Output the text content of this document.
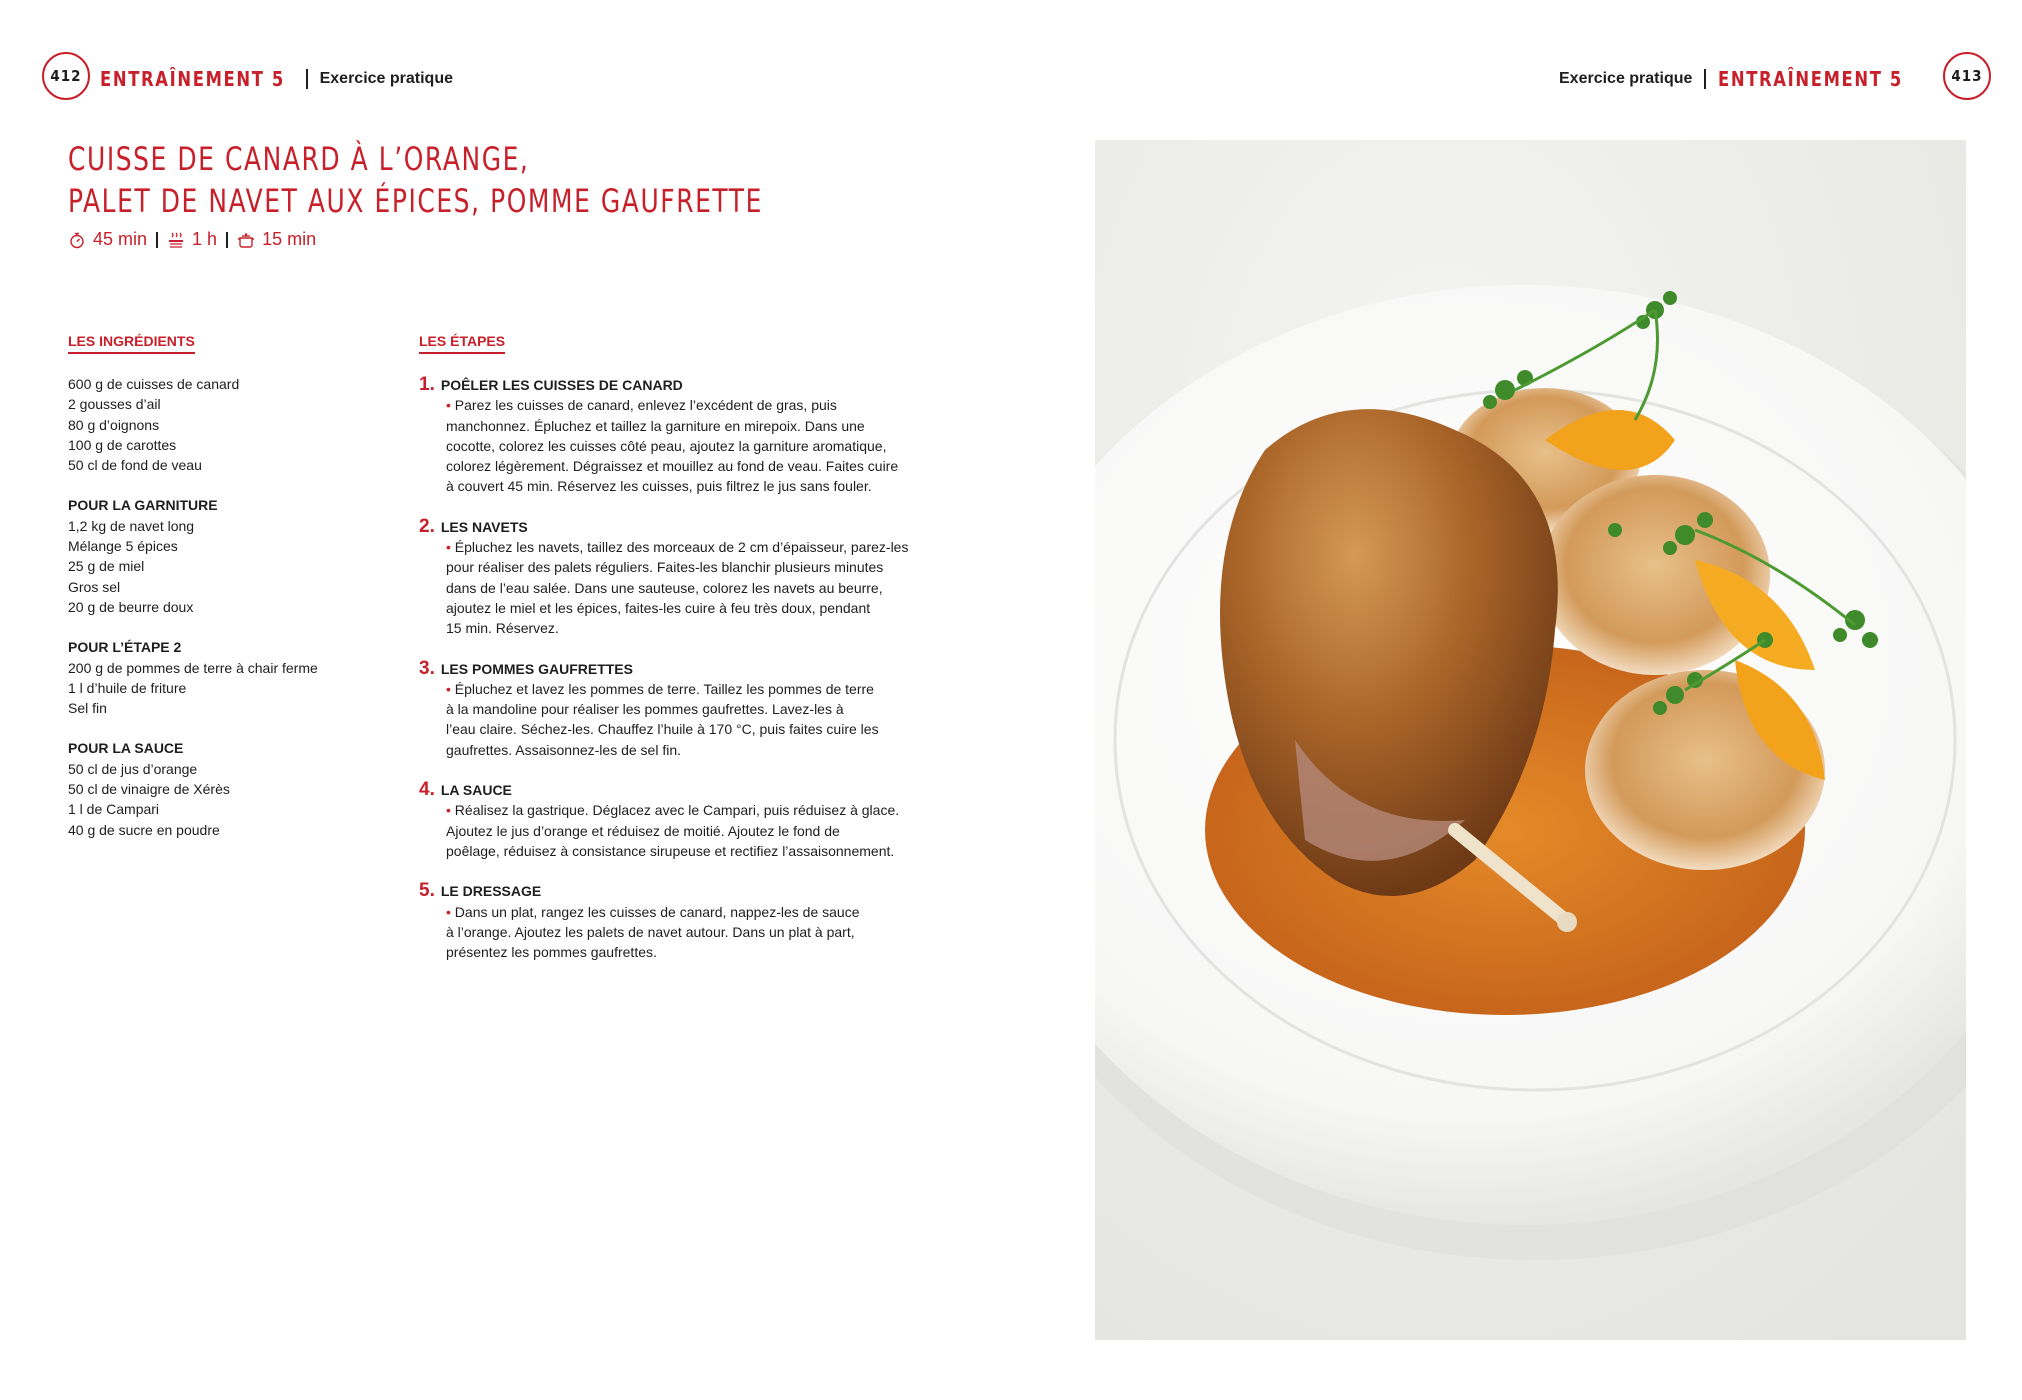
412 ENTRAÎNEMENT 5 Exercice pratique	Exercice pratique ENTRAÎNEMENT 5	413
CUISSE DE CANARD À L’ORANGE,
PALET DE NAVET AUX ÉPICES, POMME GAUFRETTE
45 min	1 h	15 min
LES INGRÉDIENTS
600 g de cuisses de canard
2 gousses d’ail
80 g d’oignons
100 g de carottes
50 cl de fond de veau
POUR LA GARNITURE
1,2 kg de navet long
Mélange 5 épices
25 g de miel
Gros sel
20 g de beurre doux
POUR L’ÉTAPE 2
200 g de pommes de terre à chair ferme
1 l d’huile de friture
Sel fin
POUR LA SAUCE
50 cl de jus d’orange
50 cl de vinaigre de Xérès
1 l de Campari
40 g de sucre en poudre
LES ÉTAPES
1. POÊLER LES CUISSES DE CANARD
• Parez les cuisses de canard, enlevez l’excédent de gras, puis
manchonnez. Épluchez et taillez la garniture en mirepoix. Dans une
cocotte, colorez les cuisses côté peau, ajoutez la garniture aromatique,
colorez légèrement. Dégraissez et mouillez au fond de veau. Faites cuire
à couvert 45 min. Réservez les cuisses, puis filtrez le jus sans fouler.
2. LES NAVETS
• Épluchez les navets, taillez des morceaux de 2 cm d’épaisseur, parez-les
pour réaliser des palets réguliers. Faites-les blanchir plusieurs minutes
dans de l’eau salée. Dans une sauteuse, colorez les navets au beurre,
ajoutez le miel et les épices, faites-les cuire à feu très doux, pendant
15 min. Réservez.
3. LES POMMES GAUFRETTES
• Épluchez et lavez les pommes de terre. Taillez les pommes de terre
à la mandoline pour réaliser les pommes gaufrettes. Lavez-les à
l’eau claire. Séchez-les. Chauffez l’huile à 170 °C, puis faites cuire les
gaufrettes. Assaisonnez-les de sel fin.
4. LA SAUCE
• Réalisez la gastrique. Déglacez avec le Campari, puis réduisez à glace.
Ajoutez le jus d’orange et réduisez de moitié. Ajoutez le fond de
poêlage, réduisez à consistance sirupeuse et rectifiez l’assaisonnement.
5. LE DRESSAGE
• Dans un plat, rangez les cuisses de canard, nappez-les de sauce
à l’orange. Ajoutez les palets de navet autour. Dans un plat à part,
présentez les pommes gaufrettes.
